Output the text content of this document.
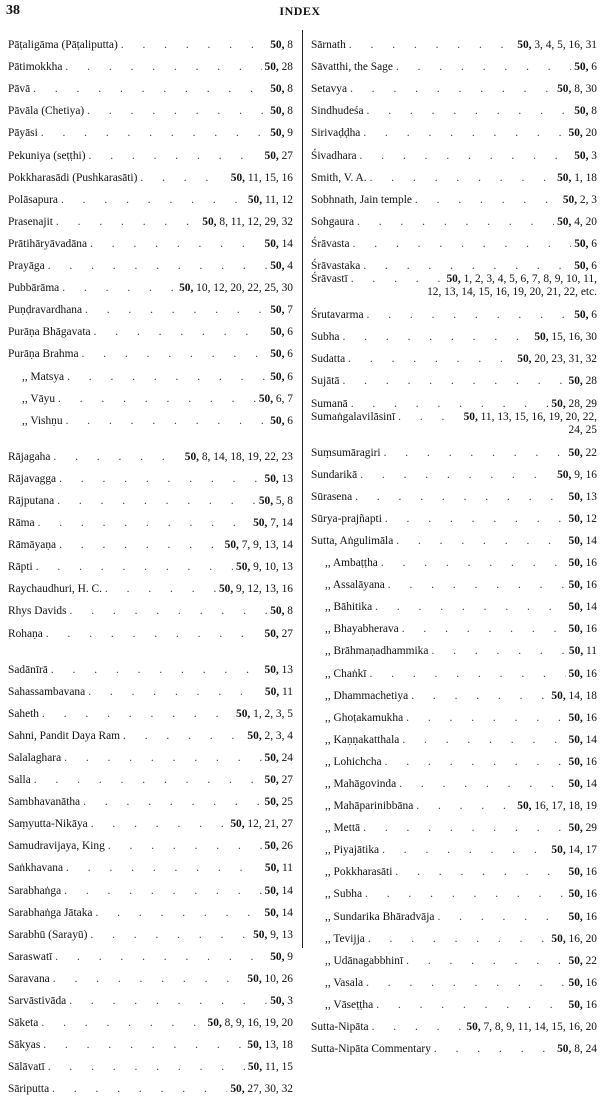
38	INDEX
Pāṭaligāma (Pāṭaliputta) . . .	50, 8
Pātimokkha . . .	50, 28
Pāvā . . .	50, 8
Pāvāla (Chetiya) . . .	50, 8
Pāyāsi . . .	50, 9
Pekuniya (seṭṭhi) . . .	50, 27
Pokkharasādi (Pushkarasāti) . . .	50, 11, 15, 16
Polāsapura . . .	50, 11, 12
Prasenajit . . .	50, 8, 11, 12, 29, 32
Prātihāryāvadāna . . .	50, 14
Prayāga . . .	50, 4
Pubbārāma . . .	50, 10, 12, 20, 22, 25, 30
Puṇḍravardhana . . .	50, 7
Purāṇa Bhāgavata . . .	50, 6
Purāṇa Brahma . . .	50, 6
,, Matsya . . .	50, 6
,, Vāyu . . .	50, 6, 7
,, Vishṇu . . .	50, 6
Rājagaha . . .	50, 8, 14, 18, 19, 22, 23
Rājavagga . . .	50, 13
Rājputana . . .	50, 5, 8
Rāma . . .	50, 7, 14
Rāmāyaṇa . . .	50, 7, 9, 13, 14
Rāpti . . .	50, 9, 10, 13
Raychaudhuri, H. C. . . .	50, 9, 12, 13, 16
Rhys Davids . . .	50, 8
Rohaṇa . . .	50, 27
Sadānīrā . . .	50, 13
Sahassambavana . . .	50, 11
Saheth . . .	50, 1, 2, 3, 5
Sahni, Pandit Daya Ram . . .	50, 2, 3, 4
Salalaghara . . .	50, 24
Salla . . .	50, 27
Sambhavanātha . . .	50, 25
Saṃyutta-Nikāya . . .	50, 12, 21, 27
Samudravijaya, King . . .	50, 26
Saṅkhavana . . .	50, 11
Sarabhaṅga . . .	50, 14
Sarabhaṅga Jātaka . . .	50, 14
Sarabhū (Sarayū) . . .	50, 9, 13
Saraswatī . . .	50, 9
Saravana . . .	50, 10, 26
Sarvāstivāda . . .	50, 3
Sāketa . . .	50, 8, 9, 16, 19, 20
Sākyas . . .	50, 13, 18
Sālāvatī . . .	50, 11, 15
Sāriputta . . .	50, 27, 30, 32
Sārnath . . .	50, 3, 4, 5, 16, 31
Sāvatthi, the Sage . . .	50, 6
Setavya . . .	50, 8, 30
Sindhudeśa . . .	50, 8
Sirivaḍḍha . . .	50, 20
Śivadhara . . .	50, 3
Smith, V. A. . . .	50, 1, 18
Sobhnath, Jain temple . . .	50, 2, 3
Sohgaura . . .	50, 4, 20
Śrāvasta . . .	50, 6
Śrāvastaka . . .	50, 6
Śrāvastī . . .	50, 1, 2, 3, 4, 5, 6, 7, 8, 9, 10, 11,
12, 13, 14, 15, 16, 19, 20, 21, 22, etc.
Śrutavarma . . .	50, 6
Subha . . .	50, 15, 16, 30
Sudatta . . .	50, 20, 23, 31, 32
Sujātā . . .	50, 28
Sumanā . . .	50, 28, 29
Sumaṅgalavilāsinī . . .	50, 11, 13, 15, 16, 19, 20, 22,
24, 25
Suṃsumāragiri . . .	50, 22
Sundarikā . . .	50, 9, 16
Sūrasena . . .	50, 13
Sūrya-prajñapti . . .	50, 12
Sutta, Aṅgulimāla . . .	50, 14
,, Ambaṭṭha . . .	50, 16
,, Assalāyana . . .	50, 16
,, Bāhitika . . .	50, 14
,, Bhayabherava . . .	50, 16
,, Brāhmaṇadhammika . . .	50, 11
,, Chaṅkī . . .	50, 16
,, Dhammachetiya . . .	50, 14, 18
,, Ghoṭakamukha . . .	50, 16
,, Kaṇṇakatthala . . .	50, 14
,, Lohichcha . . .	50, 16
,, Mahāgovinda . . .	50, 14
,, Mahāparinibbāna . . .	50, 16, 17, 18, 19
,, Mettā . . .	50, 29
,, Piyajātika . . .	50, 14, 17
,, Pokkharasāti . . .	50, 16
,, Subha . . .	50, 16
,, Sundarika Bhāradvāja . . .	50, 16
,, Tevijja . . .	50, 16, 20
,, Udānagabbhinī . . .	50, 22
,, Vasala . . .	50, 16
,, Vāseṭṭha . . .	50, 16
Sutta-Nipāta . . .	50, 7, 8, 9, 11, 14, 15, 16, 20
Sutta-Nipāta Commentary . . .	50, 8, 24
